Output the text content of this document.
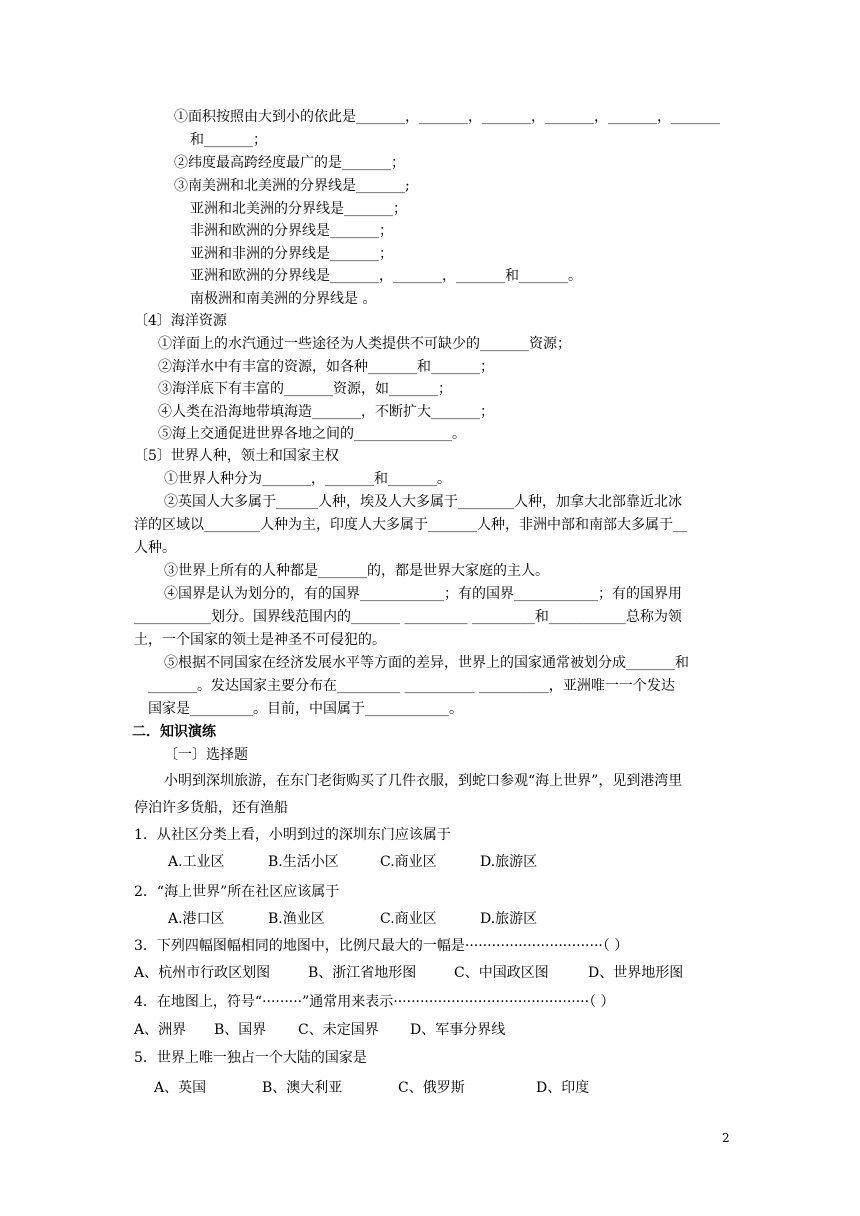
①面积按照由大到小的依此是_______，_______，_______，_______，_______，_______
和_______；
②纬度最高跨经度最广的是_______；
③南美洲和北美洲的分界线是_______;
亚洲和北美洲的分界线是_______；
非洲和欧洲的分界线是_______；
亚洲和非洲的分界线是_______；
亚洲和欧洲的分界线是_______，_______，_______和_______。
南极洲和南美洲的分界线是 。
〔4〕海洋资源
①洋面上的水汽通过一些途径为人类提供不可缺少的_______资源；
②海洋水中有丰富的资源，如各种_______和_______；
③海洋底下有丰富的_______资源，如_______；
④人类在沿海地带填海造_______，不断扩大_______；
⑤海上交通促进世界各地之间的______________。
〔5〕世界人种，领土和国家主权
①世界人种分为_______，_______和_______。
②英国人大多属于______人种，埃及人大多属于________人种，加拿大北部靠近北冰
洋的区域以________人种为主，印度人大多属于_______人种，非洲中部和南部大多属于__
人种。
③世界上所有的人种都是_______的，都是世界大家庭的主人。
④国界是认为划分的，有的国界____________；有的国界____________；有的国界用
___________划分。国界线范围内的_______ _________ _________和___________总称为领
土，一个国家的领土是神圣不可侵犯的。
⑤根据不同国家在经济发展水平等方面的差异，世界上的国家通常被划分成_______和
_______。发达国家主要分布在_________ __________ __________，亚洲唯一一个发达
国家是_________。目前，中国属于____________。
二．知识演练
〔一〕选择题
小明到深圳旅游，在东门老街购买了几件衣服，到蛇口参观“海上世界”，见到港湾里
停泊许多货船，还有渔船
1．从社区分类上看，小明到过的深圳东门应该属于
A.工业区	B.生活小区	C.商业区	D.旅游区
2．“海上世界”所在社区应该属于
A.港口区	B.渔业区	C.商业区	D.旅游区
3．下列四幅图幅相同的地图中，比例尺最大的一幅是·······························（ ）
A、杭州市行政区划图	B、浙江省地形图	C、中国政区图	D、世界地形图
4．在地图上，符号“·········”通常用来表示············································（ ）
A、洲界 B、国界 C、未定国界 D、军事分界线
5．世界上唯一独占一个大陆的国家是
A、英国	B、澳大利亚	C、俄罗斯	D、印度
2
